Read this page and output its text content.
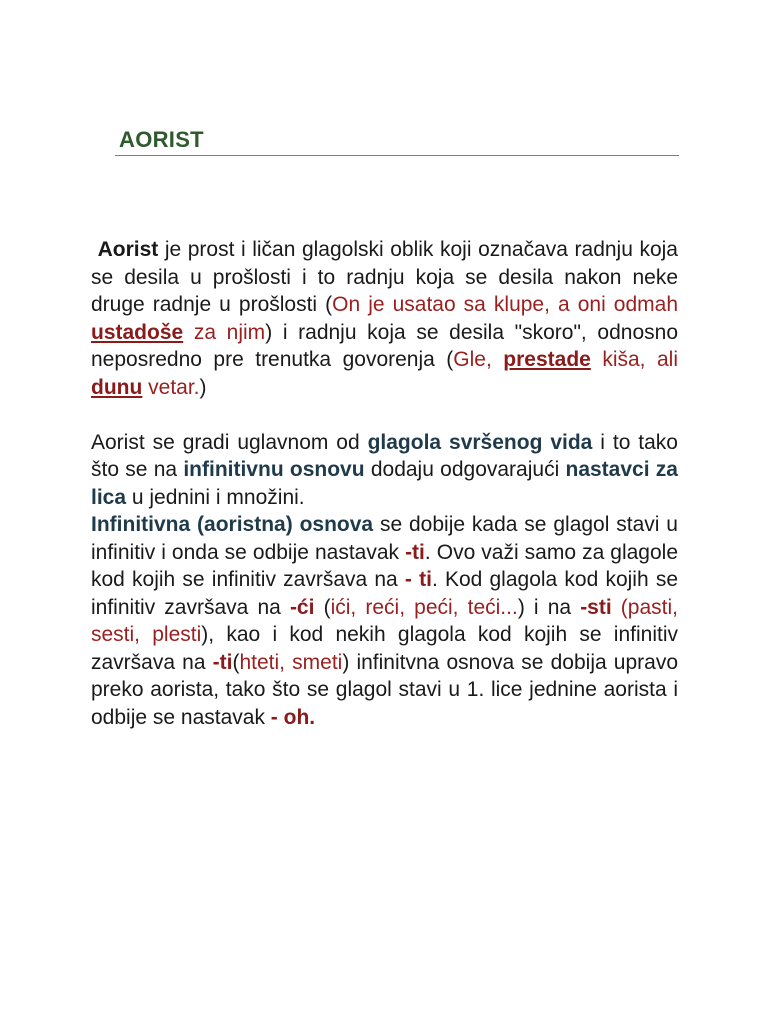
AORIST

Aorist je prost i ličan glagolski oblik koji označava radnju koja se desila u prošlosti i to radnju koja se desila nakon neke druge radnje u prošlosti (On je usatao sa klupe, a oni odmah ustadoše za njim) i radnju koja se desila "skoro", odnosno neposredno pre trenutka govorenja (Gle, prestade kiša, ali dunu vetar.)

Aorist se gradi uglavnom od glagola svršenog vida i to tako što se na infinitivnu osnovu dodaju odgovarajući nastavci za lica u jednini i množini.

Infinitivna (aoristna) osnova se dobije kada se glagol stavi u infinitiv i onda se odbije nastavak -ti. Ovo važi samo za glagole kod kojih se infinitiv završava na - ti. Kod glagola kod kojih se infinitiv završava na -ći (ići, reći, peći, teći...) i na -sti (pasti, sesti, plesti), kao i kod nekih glagola kod kojih se infinitiv završava na -ti(hteti, smeti) infinitvna osnova se dobija upravo preko aorista, tako što se glagol stavi u 1. lice jednine aorista i odbije se nastavak - oh.
